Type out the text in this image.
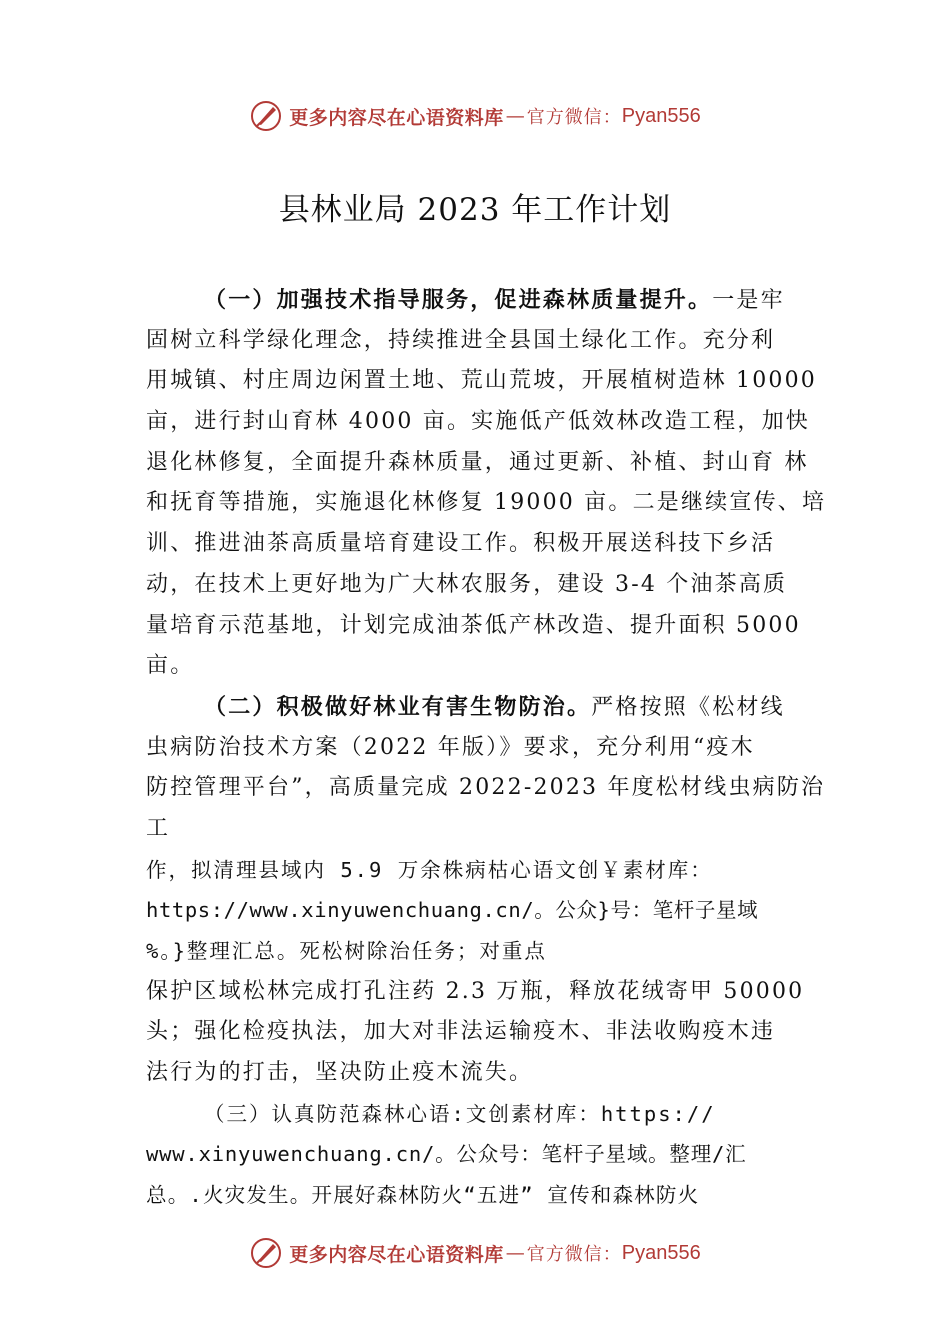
更多内容尽在心语资料库 — 官方微信： Pyan556
县林业局 2023 年工作计划
（一）加强技术指导服务，促进森林质量提升。一是牢
固树立科学绿化理念，持续推进全县国土绿化工作。充分利
用城镇、村庄周边闲置土地、荒山荒坡，开展植树造林 10000
亩，进行封山育林 4000 亩。实施低产低效林改造工程，加快
退化林修复，全面提升森林质量，通过更新、补植、封山育 林
和抚育等措施，实施退化林修复 19000 亩。二是继续宣传、培
训、推进油茶高质量培育建设工作。积极开展送科技下乡活
动，在技术上更好地为广大林农服务，建设 3-4 个油茶高质
量培育示范基地，计划完成油茶低产林改造、提升面积 5000
亩。
（二）积极做好林业有害生物防治。严格按照《松材线
虫病防治技术方案（2022 年版）》要求，充分利用“疫木
防控管理平台”，高质量完成 2022-2023 年度松材线虫病防治
工
作，拟清理县域内 5.9 万余株病枯心语文创￥素材库：
https://www.xinyuwenchuang.cn/。公众}号：笔杆子星域
%。}整理汇总。死松树除治任务；对重点
保护区域松林完成打孔注药 2.3 万瓶，释放花绒寄甲 50000
头；强化检疫执法，加大对非法运输疫木、非法收购疫木违
法行为的打击，坚决防止疫木流失。
（三）认真防范森林心语:文创素材库：https://
www.xinyuwenchuang.cn/。公众号：笔杆子星域。整理/汇
总。.火灾发生。开展好森林防火“五进” 宣传和森林防火
更多内容尽在心语资料库 — 官方微信： Pyan556
